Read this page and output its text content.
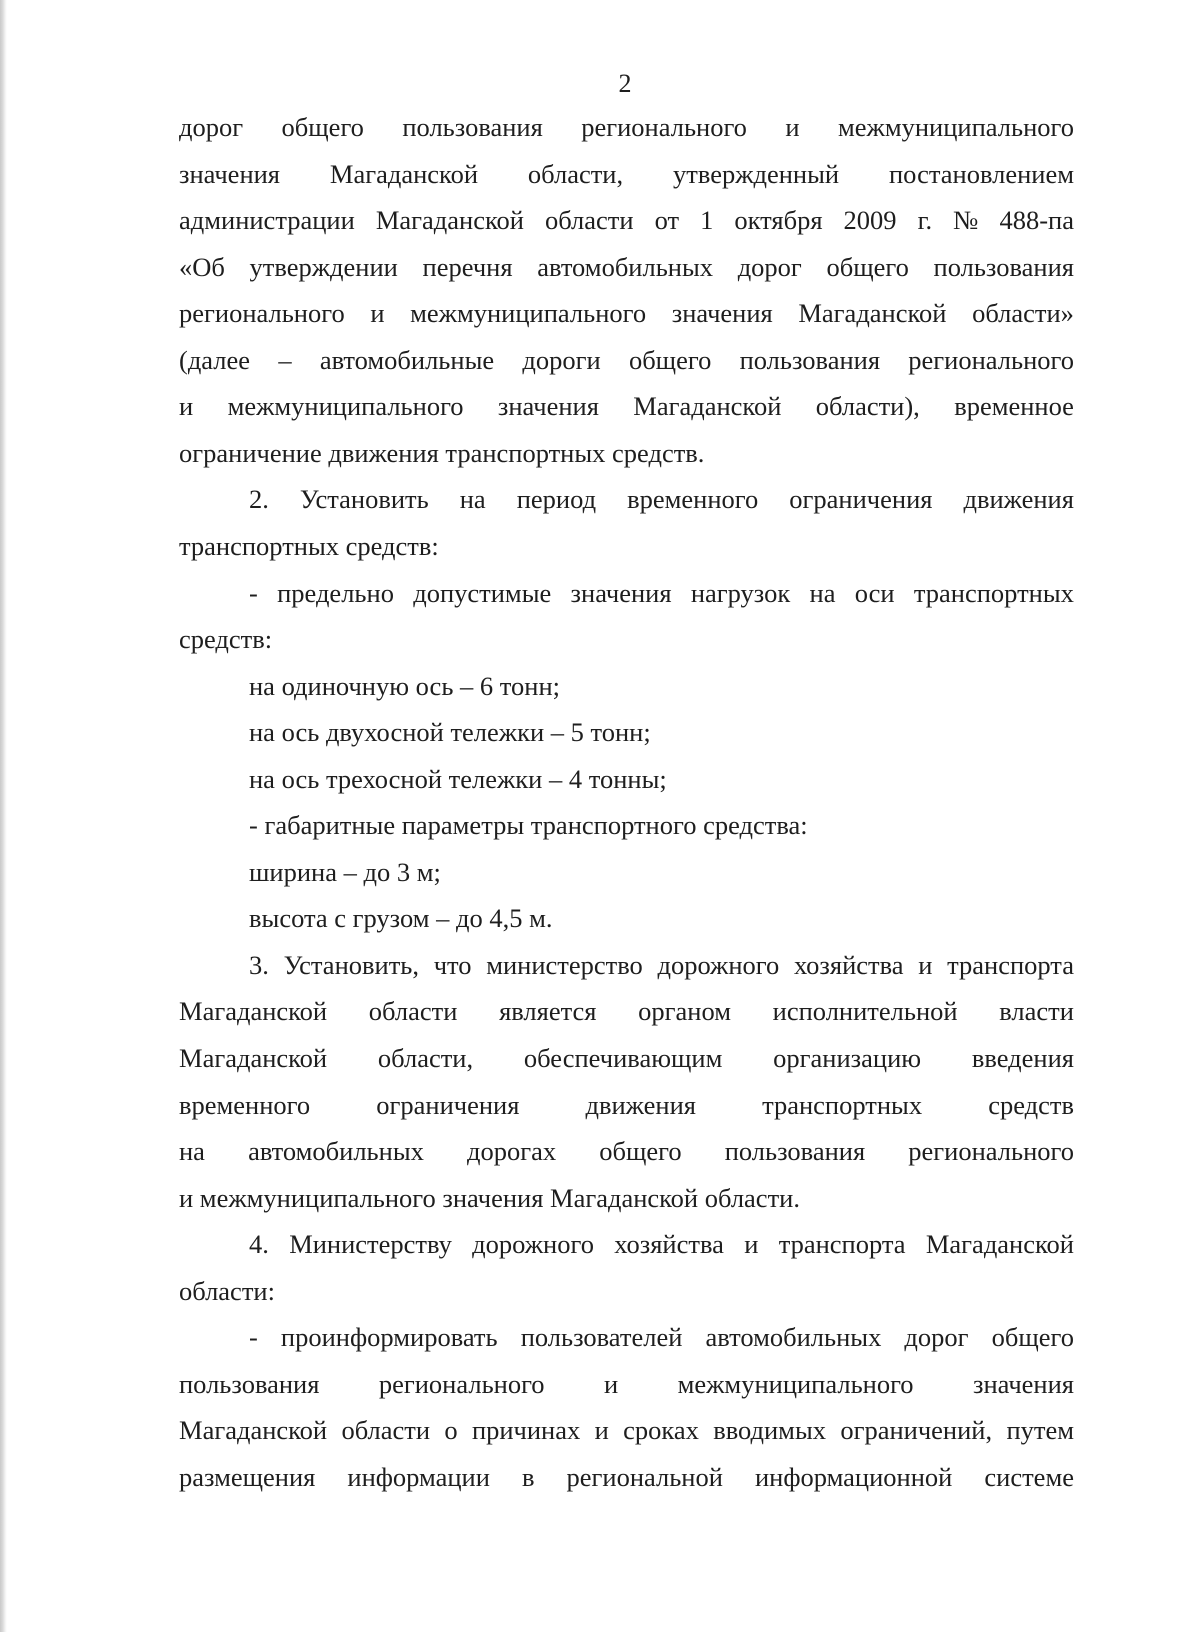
2
дорог общего пользования регионального и межмуниципального
значения Магаданской области, утвержденный постановлением
администрации Магаданской области от 1 октября 2009 г. № 488-па
«Об утверждении перечня автомобильных дорог общего пользования
регионального и межмуниципального значения Магаданской области»
(далее – автомобильные дороги общего пользования регионального
и межмуниципального значения Магаданской области), временное
ограничение движения транспортных средств.
2. Установить на период временного ограничения движения
транспортных средств:
- предельно допустимые значения нагрузок на оси транспортных
средств:
на одиночную ось – 6 тонн;
на ось двухосной тележки – 5 тонн;
на ось трехосной тележки – 4 тонны;
- габаритные параметры транспортного средства:
ширина – до 3 м;
высота с грузом – до 4,5 м.
3. Установить, что министерство дорожного хозяйства и транспорта
Магаданской области является органом исполнительной власти
Магаданской области, обеспечивающим организацию введения
временного ограничения движения транспортных средств
на автомобильных дорогах общего пользования регионального
и межмуниципального значения Магаданской области.
4. Министерству дорожного хозяйства и транспорта Магаданской
области:
- проинформировать пользователей автомобильных дорог общего
пользования регионального и межмуниципального значения
Магаданской области о причинах и сроках вводимых ограничений, путем
размещения информации в региональной информационной системе
